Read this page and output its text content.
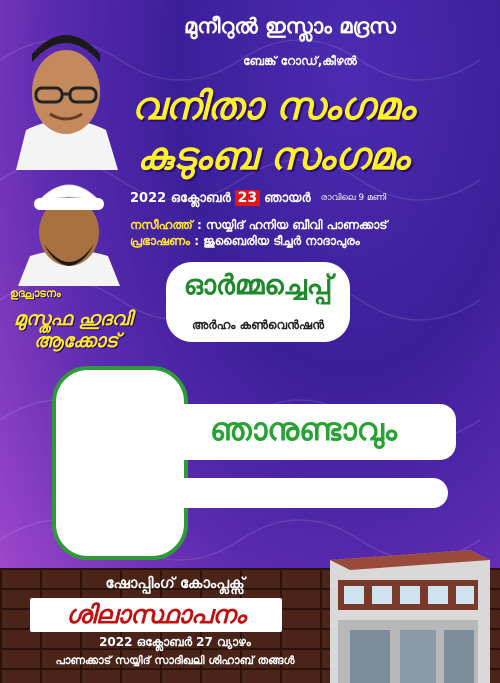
മുനീറുൽ ഇസ്ലാം മദ്രസ
ബേങ്ക് റോഡ്,കീഴൽ
വനിതാ സംഗമം
കുടുംബ സംഗമം
2022 ഒക്ലോബർ 23 ഞായർ രാവിലെ 9 മണി
നസീഹത്ത് : സയ്യിദ് ഹനിയ ബീവി പാണക്കാട്
പ്രഭാഷണം : ജുബൈരിയ ടീച്ചർ നാദാപുരം
ഉദ്ഘാടനം
മുസ്തഫ ഹുദവി
ആക്കോട്
ഓർമ്മച്ചെപ്പ്
അർഹം കൺവെൻഷൻ
ഞാനുണ്ടാവും
ഷോപ്പിംഗ് കോംപ്ലക്സ്
ശിലാസ്ഥാപനം
2022 ഒക്ലോബർ 27 വ്യാഴം
പാണക്കാട് സയ്യിദ് സാദിഖലി ശിഹാബ് തങ്ങൾ
